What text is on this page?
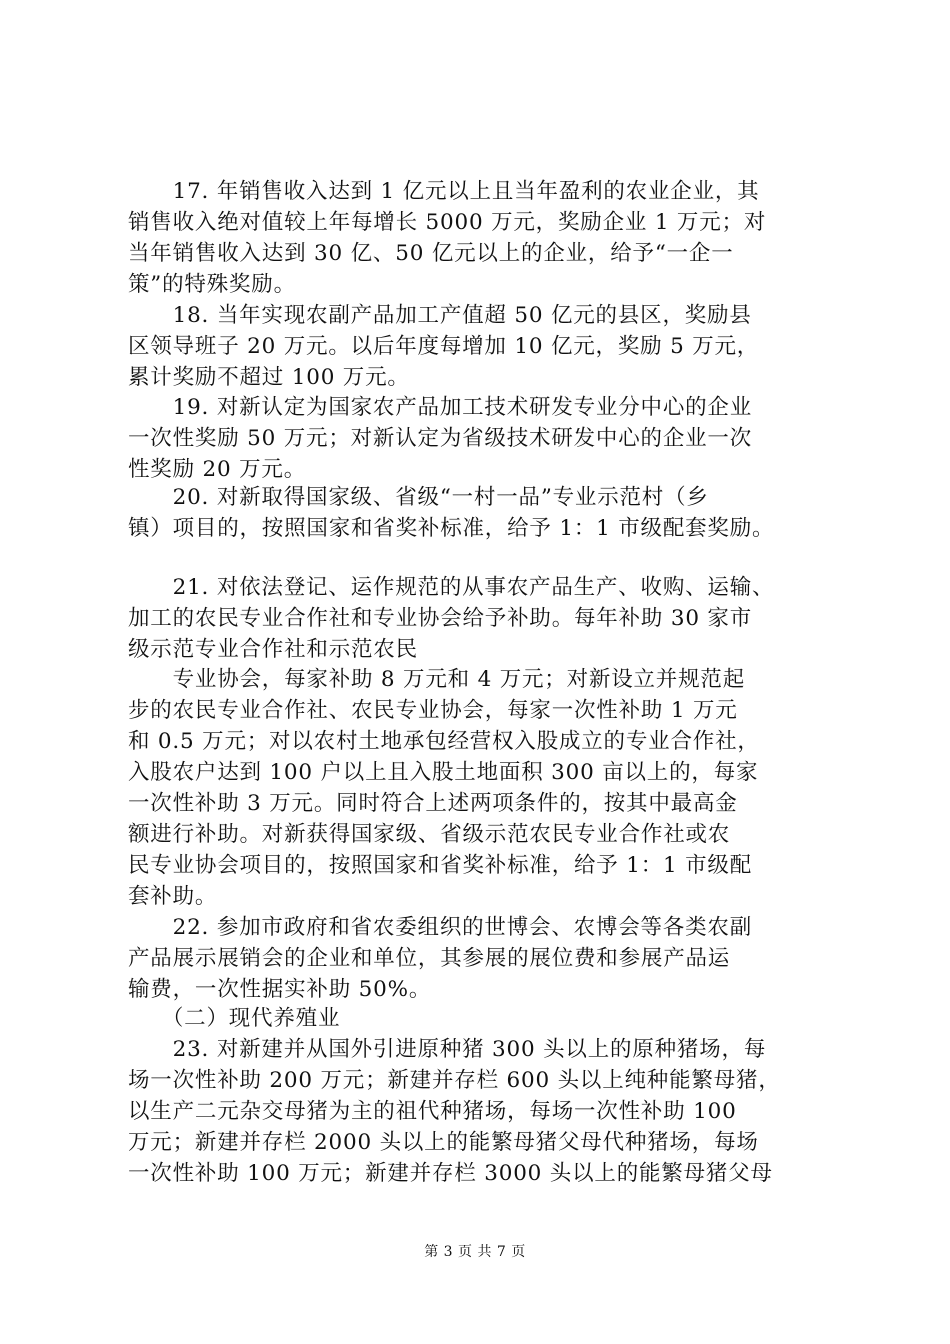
　　17. 年销售收入达到 1 亿元以上且当年盈利的农业企业，其
销售收入绝对值较上年每增长 5000 万元，奖励企业 1 万元；对
当年销售收入达到 30 亿、50 亿元以上的企业，给予“一企一
策”的特殊奖励。

　　18. 当年实现农副产品加工产值超 50 亿元的县区，奖励县
区领导班子 20 万元。以后年度每增加 10 亿元，奖励 5 万元，
累计奖励不超过 100 万元。

　　19. 对新认定为国家农产品加工技术研发专业分中心的企业
一次性奖励 50 万元；对新认定为省级技术研发中心的企业一次
性奖励 20 万元。

　　20. 对新取得国家级、省级“一村一品”专业示范村（乡
镇）项目的，按照国家和省奖补标准，给予 1：1 市级配套奖励。

　　21. 对依法登记、运作规范的从事农产品生产、收购、运输、
加工的农民专业合作社和专业协会给予补助。每年补助 30 家市
级示范专业合作社和示范农民

　　专业协会，每家补助 8 万元和 4 万元；对新设立并规范起
步的农民专业合作社、农民专业协会，每家一次性补助 1 万元
和 0.5 万元；对以农村土地承包经营权入股成立的专业合作社，
入股农户达到 100 户以上且入股土地面积 300 亩以上的，每家
一次性补助 3 万元。同时符合上述两项条件的，按其中最高金
额进行补助。对新获得国家级、省级示范农民专业合作社或农
民专业协会项目的，按照国家和省奖补标准，给予 1：1 市级配
套补助。

　　22. 参加市政府和省农委组织的世博会、农博会等各类农副
产品展示展销会的企业和单位，其参展的展位费和参展产品运
输费，一次性据实补助 50%。

　　（二）现代养殖业

　　23. 对新建并从国外引进原种猪 300 头以上的原种猪场，每
场一次性补助 200 万元；新建并存栏 600 头以上纯种能繁母猪，
以生产二元杂交母猪为主的祖代种猪场，每场一次性补助 100
万元；新建并存栏 2000 头以上的能繁母猪父母代种猪场，每场
一次性补助 100 万元；新建并存栏 3000 头以上的能繁母猪父母

第 3 页 共 7 页
